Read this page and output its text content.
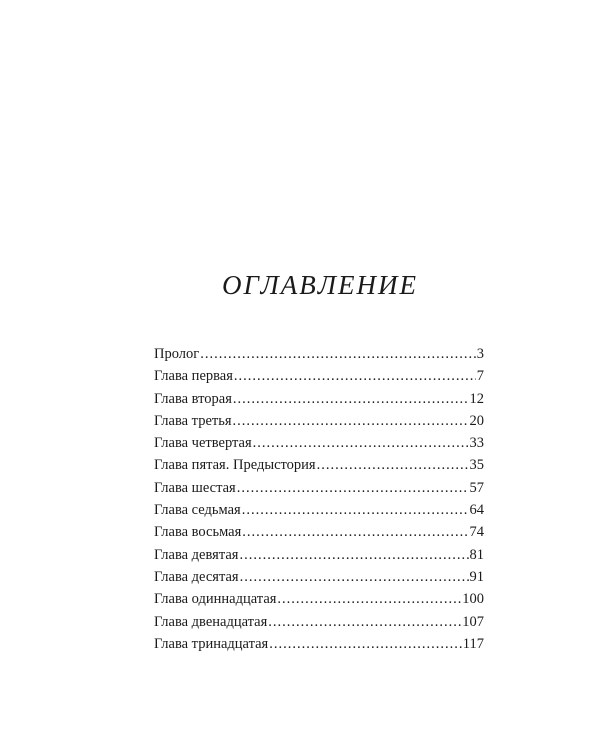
ОГЛАВЛЕНИЕ
Пролог .....	3
Глава первая .....	7
Глава вторая .....	12
Глава третья .....	20
Глава четвертая .....	33
Глава пятая. Предыстория .....	35
Глава шестая .....	57
Глава седьмая .....	64
Глава восьмая .....	74
Глава девятая .....	81
Глава десятая .....	91
Глава одиннадцатая .....	100
Глава двенадцатая .....	107
Глава тринадцатая .....	117
